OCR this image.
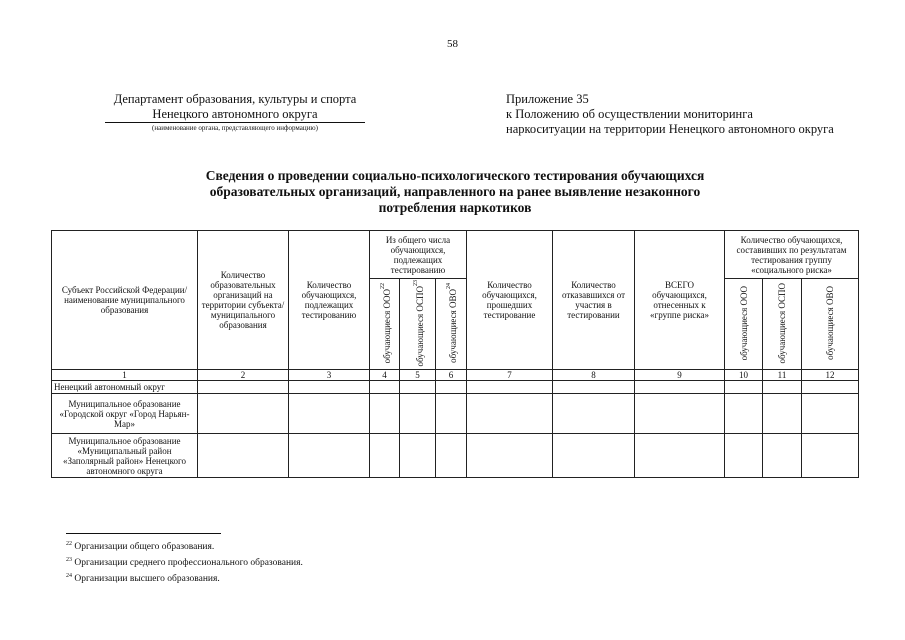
58
Департамент образования, культуры и спорта
Ненецкого автономного округа
(наименование органа, представляющего информацию)
Приложение 35
к Положению об осуществлении мониторинга
наркоситуации на территории Ненецкого автономного округа
Сведения о проведении социально-психологического тестирования обучающихся
образовательных организаций, направленного на ранее выявление незаконного
потребления наркотиков
Субъект Российской Федерации/ наименование муниципального образования	Количество образовательных организаций на территории субъекта/ муниципального образования	Количество обучающихся, подлежащих тестированию	Из общего числа обучающихся, подлежащих тестированию			Количество обучающихся, прошедших тестирование	Количество отказавшихся от участия в тестировании	ВСЕГО обучающихся, отнесенных к «группе риска»	Количество обучающихся, составивших по результатам тестирования группу «социального риска»		
			обучающиеся ООО$^{22}$	обучающиеся ОСПО$^{23}$	обучающиеся ОВО$^{24}$				обучающиеся ООО	обучающиеся ОСПО	обучающиеся ОВО
1	2	3	4	5	6	7	8	9	10	11	12
Ненецкий автономный округ											
Муниципальное образование «Городской округ «Город Нарьян-Мар»											
Муниципальное образование «Муниципальный район «Заполярный район» Ненецкого автономного округа											
$^{22}$ Организации общего образования.
$^{23}$ Организации среднего профессионального образования.
$^{24}$ Организации высшего образования.
